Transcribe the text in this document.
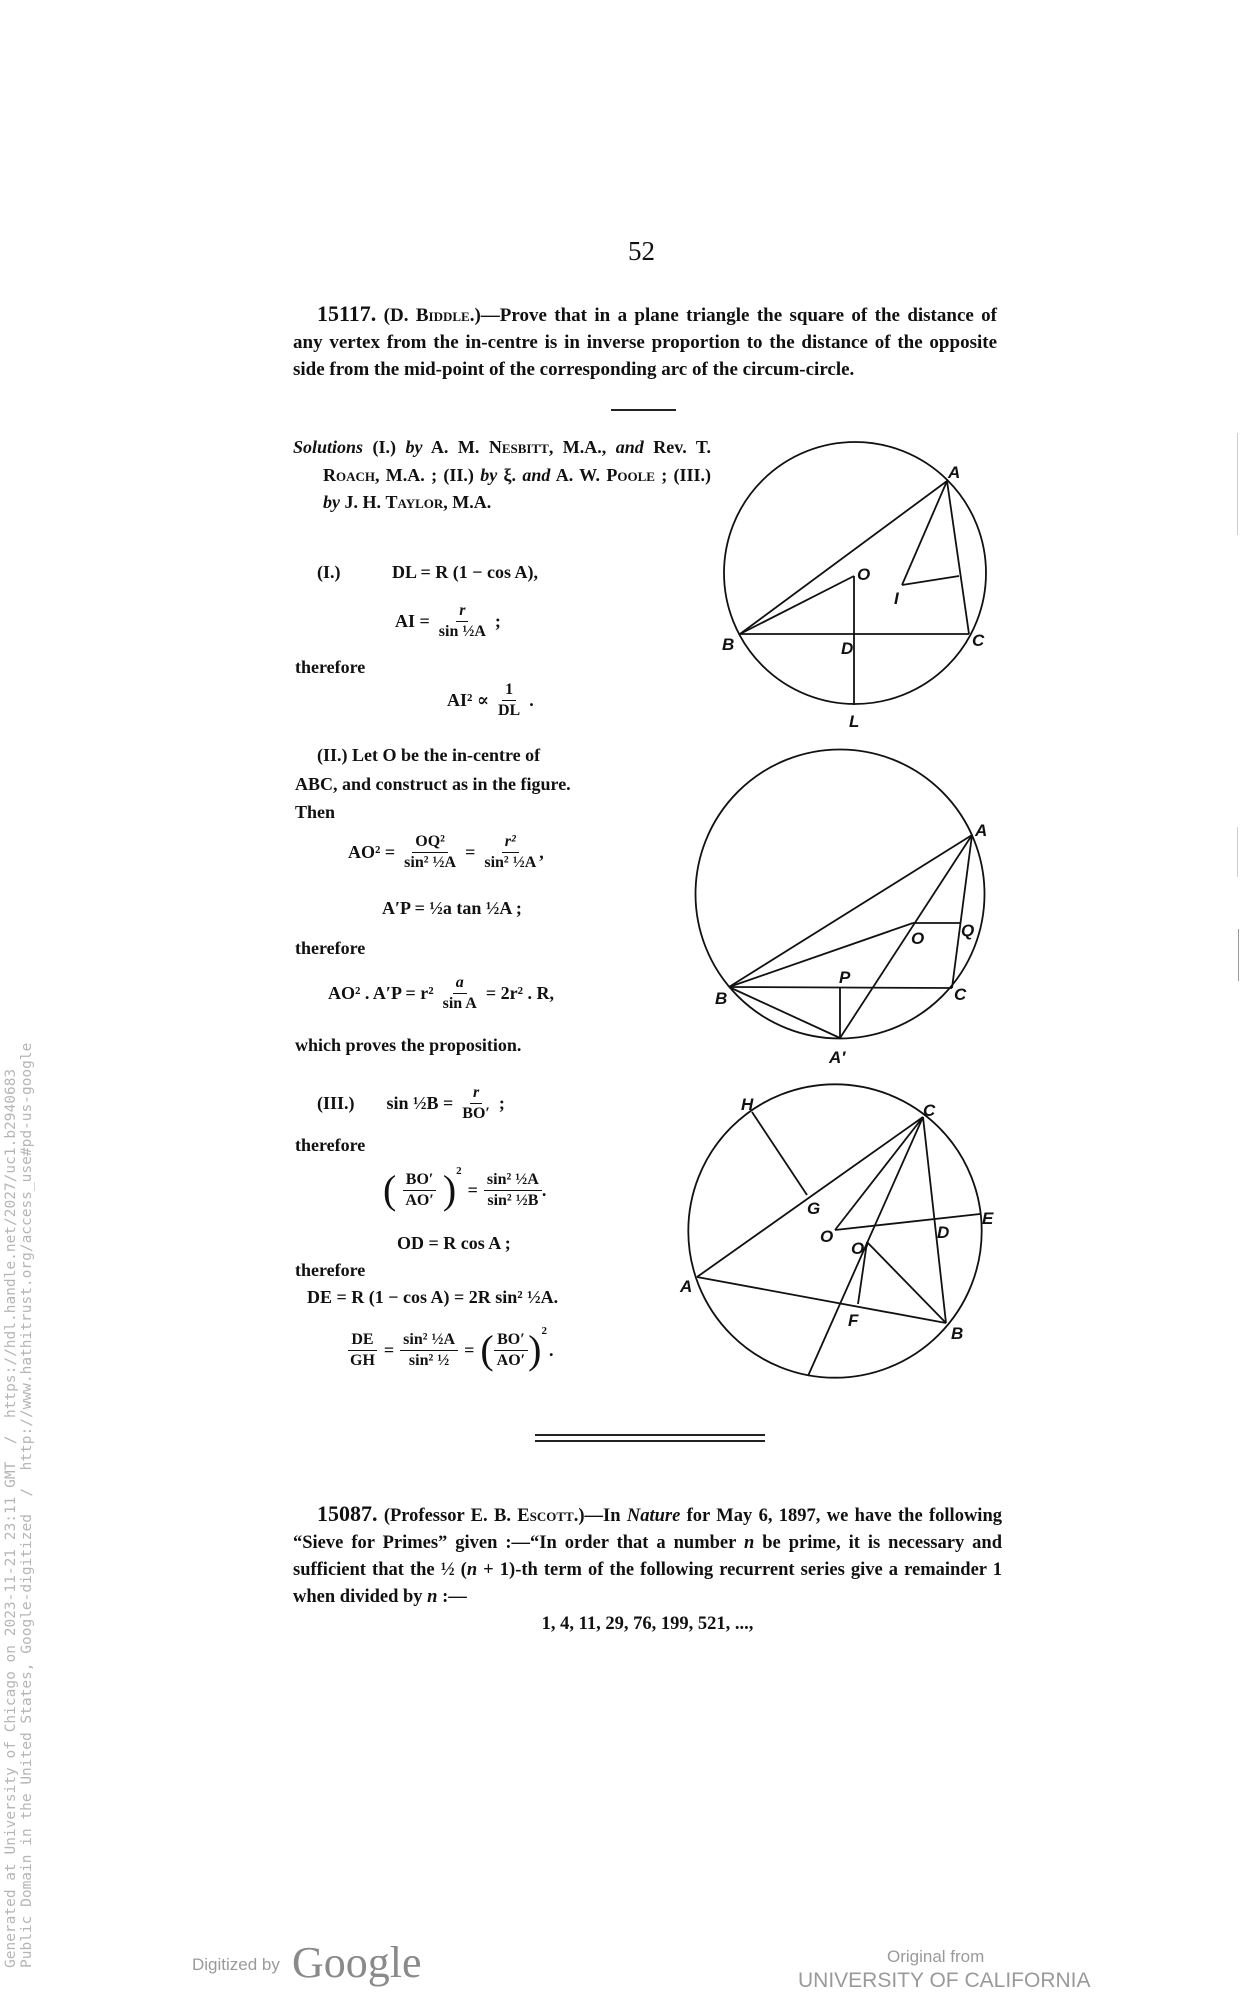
52
15117. (D. Biddle.)—Prove that in a plane triangle the square of the distance of any vertex from the in-centre is in inverse proportion to the distance of the opposite side from the mid-point of the corresponding arc of the circum-circle.
Solutions (I.) by A. M. Nesbitt, M.A., and Rev. T. Roach, M.A. ; (II.) by ξ. and A. W. Poole ; (III.) by J. H. Taylor, M.A.
(I.)	DL = R (1 − cos A),
AI = $\frac{r}{\text{sin ½A}}$ ;
therefore
$AI^2 \propto \frac{1}{DL}$ .
(II.) Let O be the in-centre of
ABC, and construct as in the figure.
Then
$AO^2 = \frac{\text{OQ²}}{\text{sin² ½A}} = \frac{\text{r²}}{\text{sin² ½A}}$ ,
A′P = ½a tan ½A ;
therefore
AO² . $A'P = r^2 \frac{a}{\text{sin A}} = 2r^2$ . R,
which proves the proposition.
(III.) sin ½B = $\frac{r}{BO'}$ ;
therefore
( $\frac{BO'}{AO'} )^2$
= $\frac{\text{sin² ½A}}{\text{sin² ½B}}$ .
OD = R cos A ;
therefore
DE = R (1 − cos A) = 2R sin² ½A.
$\frac{DE}{GH} = \frac{\text{sin² ½A}}{\text{sin² ½}}$ = ( $\frac{BO'}{AO'} )^2$
.
15087. (Professor E. B. Escott.)—In Nature for May 6, 1897, we have the following “Sieve for Primes” given :—“In order that a number n be prime, it is necessary and sufficient that the ½ (n + 1)-th term of the following recurrent series give a remainder 1 when divided by n :—
1, 4, 11, 29, 76, 199, 521, ...,
A
O
I
B	D	C
L
A
Q
O
P
B	C
A′
H	C
G
E
O
O′
D
A
F
B
Generated at University of Chicago on 2023-11-21 23:11 GMT  /  https://hdl.handle.net/2027/uc1.b2940683 Public Domain in the United States, Google-digitized  /  http://www.hathitrust.org/access_use#pd-us-google	Digitized by Google	Original from
UNIVERSITY OF CALIFORNIA
